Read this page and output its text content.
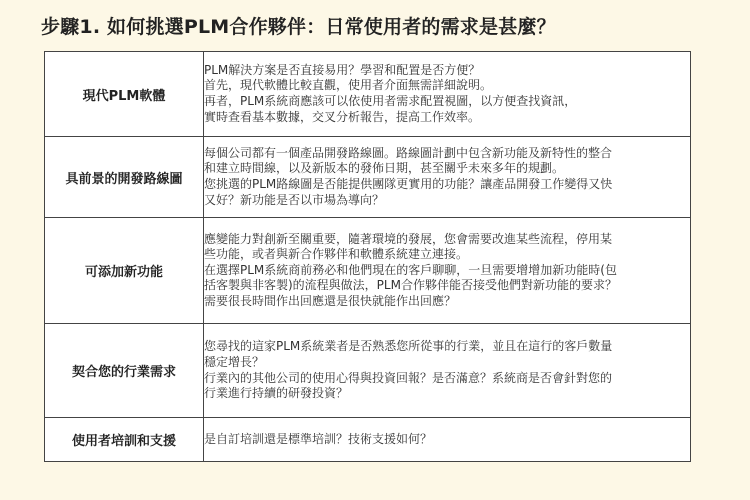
步驟1. 如何挑選PLM合作夥伴：日常使用者的需求是甚麼？
現代PLM軟體	PLM解決方案是否直接易用？學習和配置是否方便？
首先，現代軟體比較直觀，使用者介面無需詳細說明。
再者，PLM系統商應該可以依使用者需求配置視圖，以方便查找資訊，
實時查看基本數據，交叉分析報告，提高工作效率。

具前景的開發路線圖	每個公司都有一個產品開發路線圖。路線圖計劃中包含新功能及新特性的整合
和建立時間線，以及新版本的發佈日期，甚至關乎未來多年的規劃。
您挑選的PLM路線圖是否能提供團隊更實用的功能？讓產品開發工作變得又快
又好？新功能是否以市場為導向？

可添加新功能	應變能力對創新至關重要，隨著環境的發展，您會需要改進某些流程，停用某
些功能，或者與新合作夥伴和軟體系統建立連接。
在選擇PLM系統商前務必和他們現在的客戶聊聊，一旦需要增增加新功能時(包
括客製與非客製)的流程與做法，PLM合作夥伴能否接受他們對新功能的要求？
需要很長時間作出回應還是很快就能作出回應？

契合您的行業需求	您尋找的這家PLM系統業者是否熟悉您所從事的行業，並且在這行的客戶數量
穩定增長？
行業內的其他公司的使用心得與投資回報？是否滿意？系統商是否會針對您的
行業進行持續的研發投資？

使用者培訓和支援	是自訂培訓還是標準培訓？技術支援如何？
